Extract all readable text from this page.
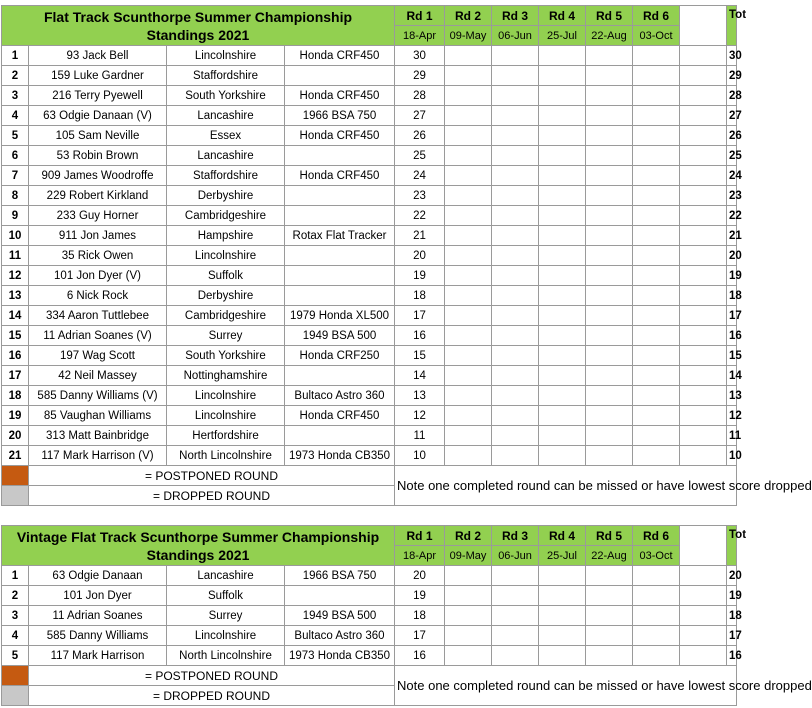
Flat Track Scunthorpe Summer Championship
Standings 2021				Rd 1	Rd 2	Rd 3	Rd 4	Rd 5	Rd 6		Tot
				18-Apr	09-May	06-Jun	25-Jul	22-Aug	03-Oct		
1	93 Jack Bell	Lincolnshire	Honda CRF450	30							30
2	159 Luke Gardner	Staffordshire		29							29
3	216 Terry Pyewell	South Yorkshire	Honda CRF450	28							28
4	63 Odgie Danaan (V)	Lancashire	1966 BSA 750	27							27
5	105 Sam Neville	Essex	Honda CRF450	26							26
6	53 Robin Brown	Lancashire		25							25
7	909 James Woodroffe	Staffordshire	Honda CRF450	24							24
8	229 Robert Kirkland	Derbyshire		23							23
9	233 Guy Horner	Cambridgeshire		22							22
10	911 Jon James	Hampshire	Rotax Flat Tracker	21							21
11	35 Rick Owen	Lincolnshire		20							20
12	101 Jon Dyer (V)	Suffolk		19							19
13	6 Nick Rock	Derbyshire		18							18
14	334 Aaron Tuttlebee	Cambridgeshire	1979 Honda XL500	17							17
15	11 Adrian Soanes (V)	Surrey	1949 BSA 500	16							16
16	197 Wag Scott	South Yorkshire	Honda CRF250	15							15
17	42 Neil Massey	Nottinghamshire		14							14
18	585 Danny Williams (V)	Lincolnshire	Bultaco Astro 360	13							13
19	85 Vaughan Williams	Lincolnshire	Honda CRF450	12							12
20	313 Matt Bainbridge	Hertfordshire		11							11
21	117 Mark Harrison (V)	North Lincolnshire	1973 Honda CB350	10							10
	= POSTPONED ROUND			Note one completed round can be missed or have lowest score dropped							
	= DROPPED ROUND										
Vintage Flat Track Scunthorpe Summer Championship
Standings 2021				Rd 1	Rd 2	Rd 3	Rd 4	Rd 5	Rd 6		Tot
				18-Apr	09-May	06-Jun	25-Jul	22-Aug	03-Oct		
1	63 Odgie Danaan	Lancashire	1966 BSA 750	20							20
2	101 Jon Dyer	Suffolk		19							19
3	11 Adrian Soanes	Surrey	1949 BSA 500	18							18
4	585 Danny Williams	Lincolnshire	Bultaco Astro 360	17							17
5	117 Mark Harrison	North Lincolnshire	1973 Honda CB350	16							16
	= POSTPONED ROUND			Note one completed round can be missed or have lowest score dropped							
	= DROPPED ROUND										
